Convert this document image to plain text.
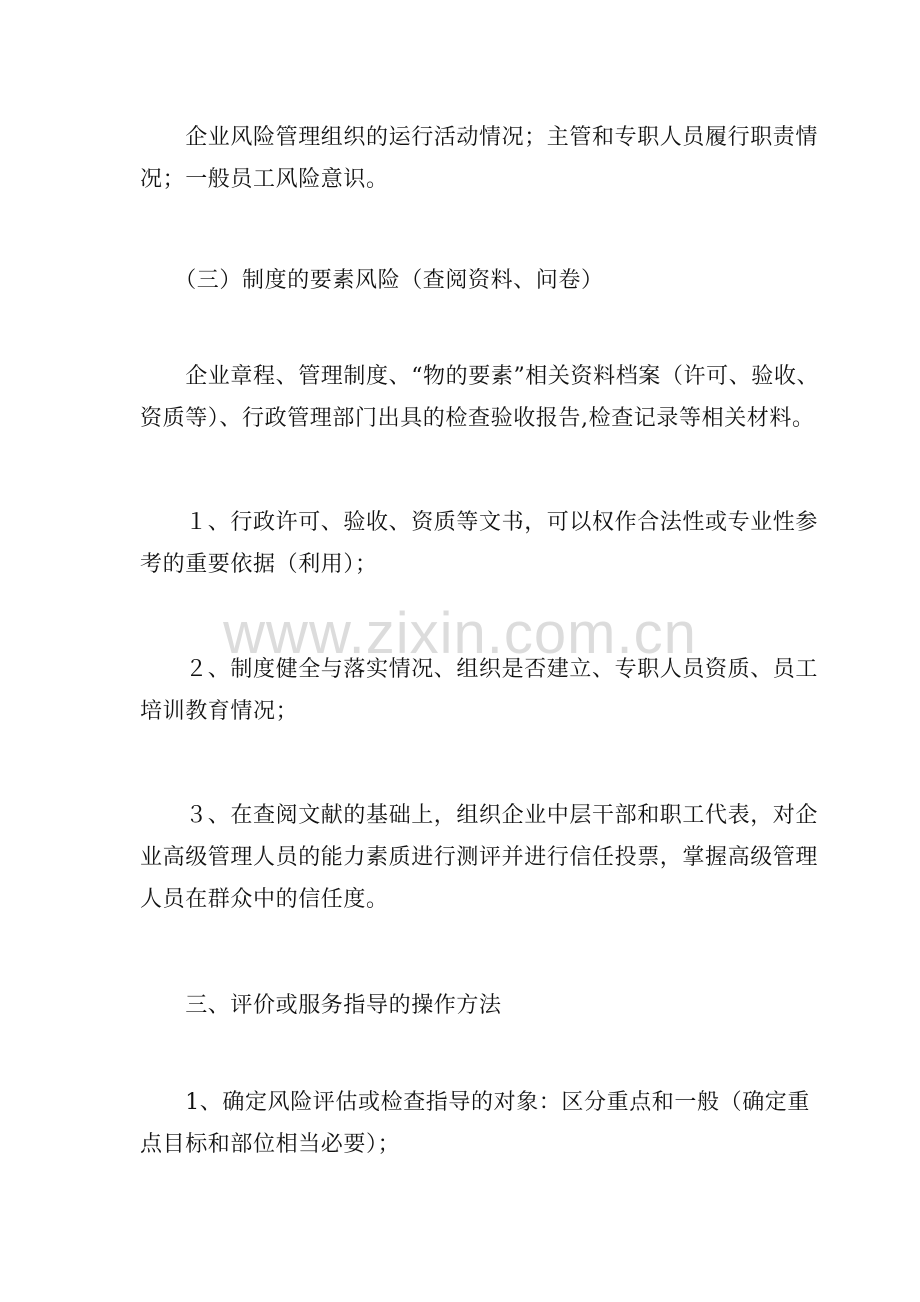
　　企业风险管理组织的运行活动情况；主管和专职人员履行职责情
况；一般员工风险意识。

　　（三）制度的要素风险（查阅资料、问卷）

　　企业章程、管理制度、“物的要素”相关资料档案（许可、验收、
资质等）、行政管理部门出具的检查验收报告,检查记录等相关材料。

　　１、行政许可、验收、资质等文书，可以权作合法性或专业性参
考的重要依据（利用）；

　　２、制度健全与落实情况、组织是否建立、专职人员资质、员工
培训教育情况；

　　３、在查阅文献的基础上，组织企业中层干部和职工代表，对企
业高级管理人员的能力素质进行测评并进行信任投票，掌握高级管理
人员在群众中的信任度。

　　三、评价或服务指导的操作方法

　　1、确定风险评估或检查指导的对象：区分重点和一般（确定重
点目标和部位相当必要）；

www.zixin.com.cn
